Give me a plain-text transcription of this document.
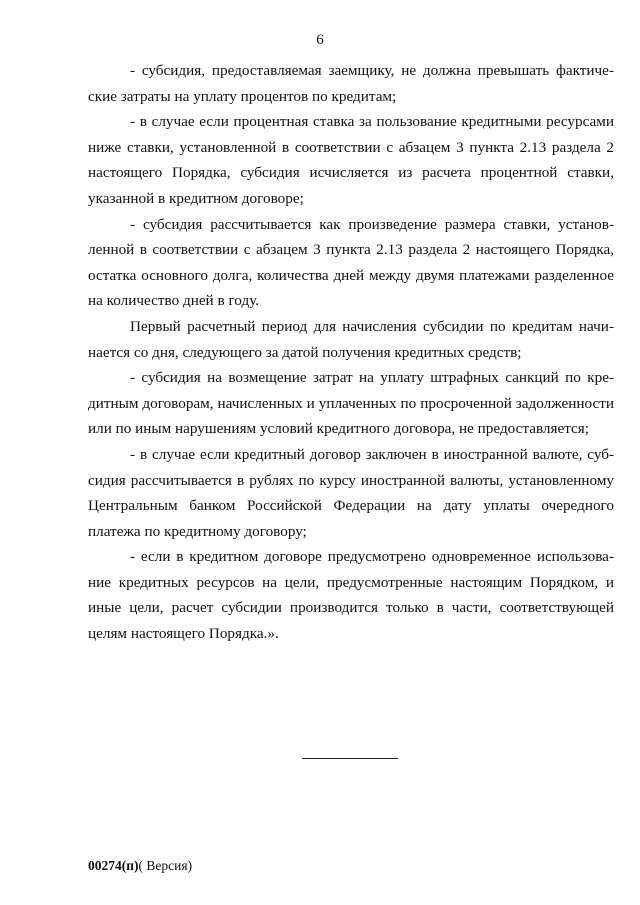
6

- субсидия, предоставляемая заемщику, не должна превышать фактические затраты на уплату процентов по кредитам;

- в случае если процентная ставка за пользование кредитными ресурсами ниже ставки, установленной в соответствии с абзацем 3 пункта 2.13 раздела 2 настоящего Порядка, субсидия исчисляется из расчета процентной ставки, указанной в кредитном договоре;

- субсидия рассчитывается как произведение размера ставки, установленной в соответствии с абзацем 3 пункта 2.13 раздела 2 настоящего Порядка, остатка основного долга, количества дней между двумя платежами разделенное на количество дней в году.

Первый расчетный период для начисления субсидии по кредитам начинается со дня, следующего за датой получения кредитных средств;

- субсидия на возмещение затрат на уплату штрафных санкций по кредитным договорам, начисленных и уплаченных по просроченной задолженности или по иным нарушениям условий кредитного договора, не предоставляется;

- в случае если кредитный договор заключен в иностранной валюте, субсидия рассчитывается в рублях по курсу иностранной валюты, установленному Центральным банком Российской Федерации на дату уплаты очередного платежа по кредитному договору;

- если в кредитном договоре предусмотрено одновременное использование кредитных ресурсов на цели, предусмотренные настоящим Порядком, и иные цели, расчет субсидии производится только в части, соответствующей целям настоящего Порядка.».

00274(п)( Версия)
